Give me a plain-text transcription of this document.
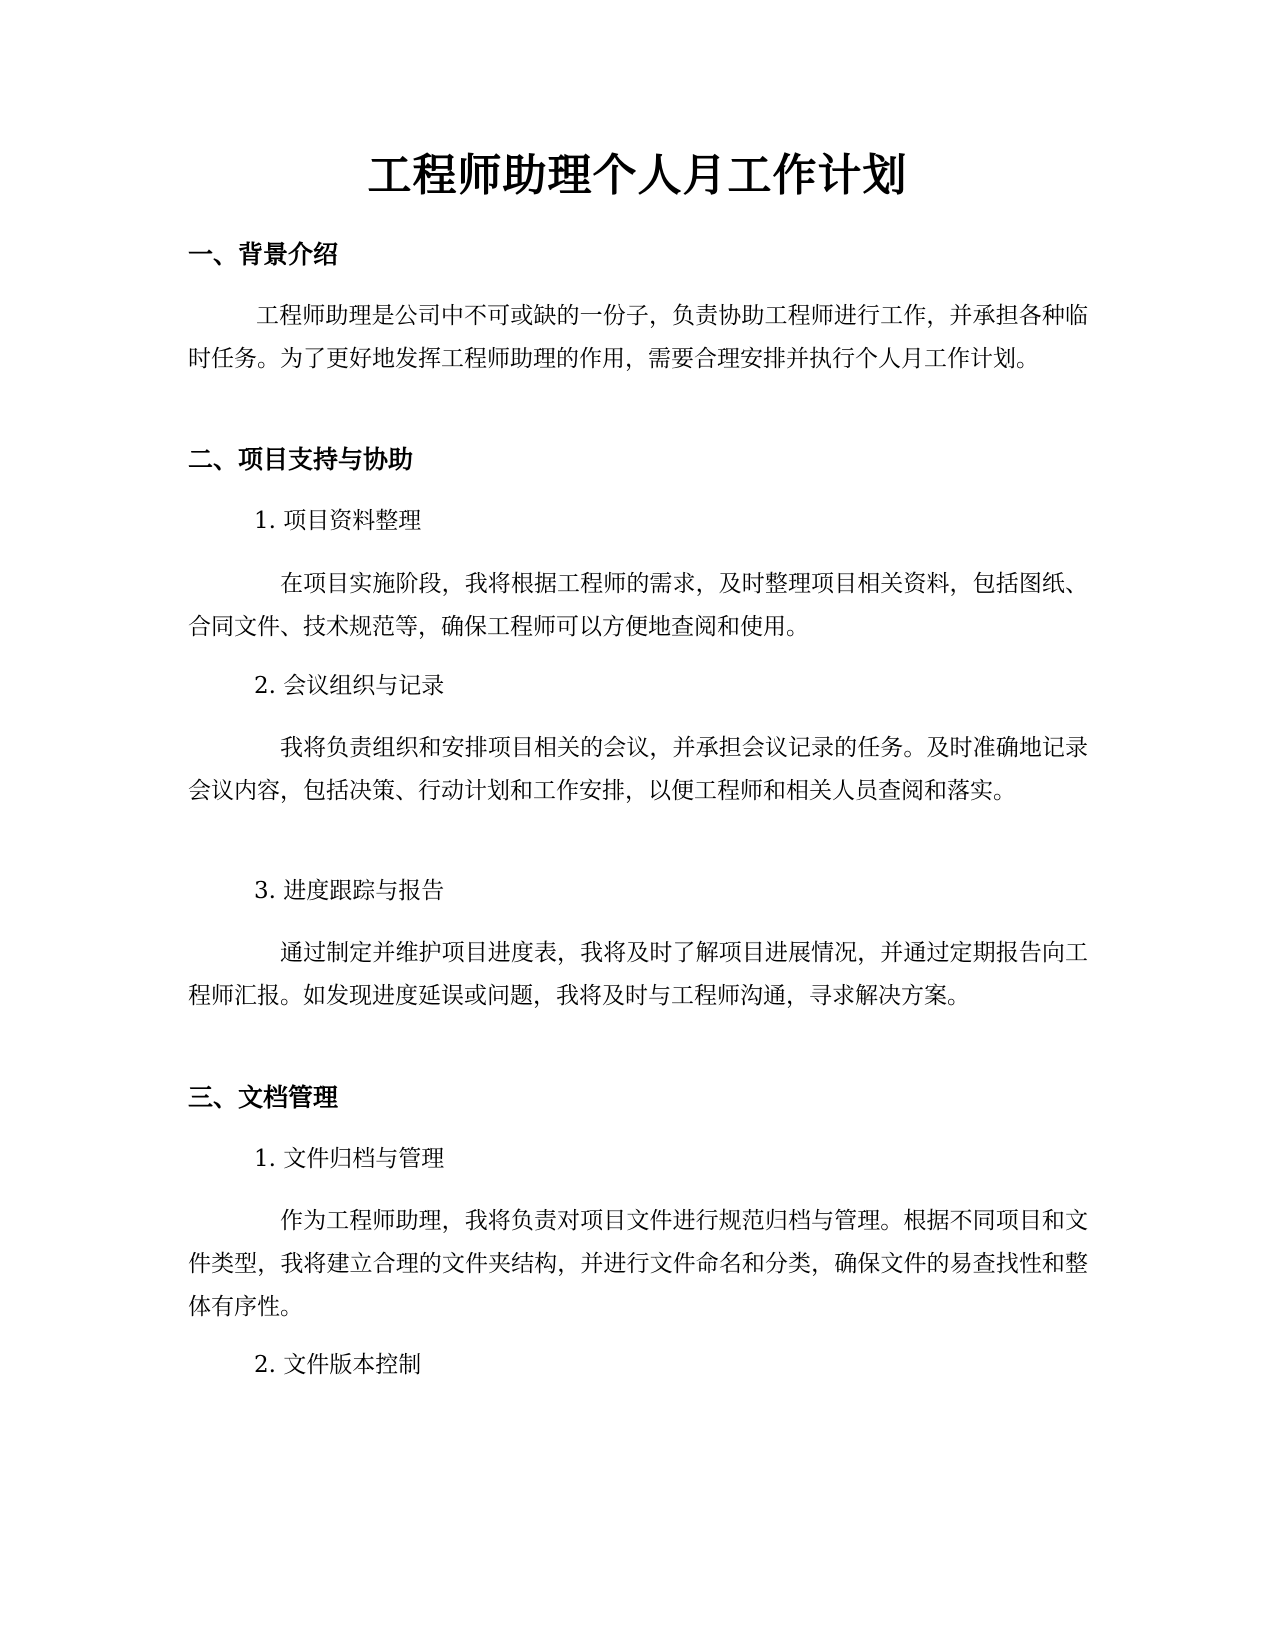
工程师助理个人月工作计划
一、背景介绍

工程师助理是公司中不可或缺的一份子，负责协助工程师进行工作，并承担各种临时任务。为了更好地发挥工程师助理的作用，需要合理安排并执行个人月工作计划。

二、项目支持与协助

1. 项目资料整理

在项目实施阶段，我将根据工程师的需求，及时整理项目相关资料，包括图纸、合同文件、技术规范等，确保工程师可以方便地查阅和使用。

2. 会议组织与记录

我将负责组织和安排项目相关的会议，并承担会议记录的任务。及时准确地记录会议内容，包括决策、行动计划和工作安排，以便工程师和相关人员查阅和落实。

3. 进度跟踪与报告

通过制定并维护项目进度表，我将及时了解项目进展情况，并通过定期报告向工程师汇报。如发现进度延误或问题，我将及时与工程师沟通，寻求解决方案。

三、文档管理

1. 文件归档与管理

作为工程师助理，我将负责对项目文件进行规范归档与管理。根据不同项目和文件类型，我将建立合理的文件夹结构，并进行文件命名和分类，确保文件的易查找性和整体有序性。

2. 文件版本控制
